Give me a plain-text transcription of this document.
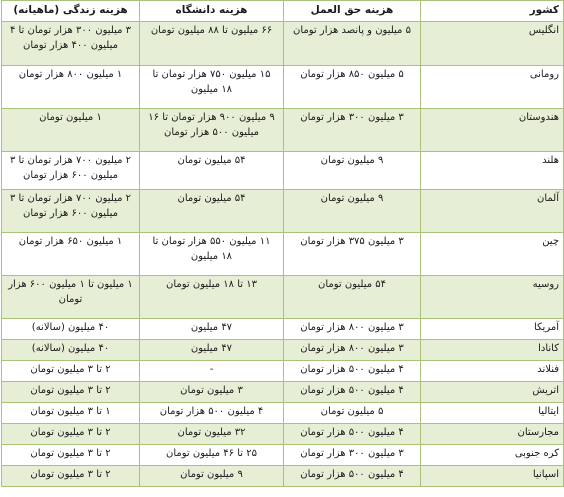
کشور	هزینه حق العمل	هزینه دانشگاه	هزینه زندگی (ماهیانه)
انگلیس	۵ میلیون و پانصد هزار تومان	۶۶ میلیون تا ۸۸ میلیون تومان	۳ میلیون ۳۰۰ هزار تومان تا ۴ میلیون ۴۰۰ هزار تومان
رومانی	۵ میلیون ۸۵۰ هزار تومان	۱۵ میلیون ۷۵۰ هزار تومان تا ۱۸ میلیون	۱ میلیون ۸۰۰ هزار تومان
هندوستان	۳ میلیون ۳۰۰ هزار تومان	۹ میلیون ۹۰۰ هزار تومان تا ۱۶ میلیون ۵۰۰ هزار تومان	۱ میلیون تومان
هلند	۹ میلیون تومان	۵۴ میلیون تومان	۲ میلیون ۷۰۰ هزار تومان تا ۳ میلیون ۶۰۰ هزار تومان
آلمان	۹ میلیون تومان	۵۴ میلیون تومان	۲ میلیون ۷۰۰ هزار تومان تا ۳ میلیون ۶۰۰ هزار تومان
چین	۳ میلیون ۳۷۵ هزار تومان	۱۱ میلیون ۵۵۰ هزار تومان تا ۱۸ میلیون	۱ میلیون ۶۵۰ هزار تومان
روسیه	۵۴ میلیون تومان	۱۳ تا ۱۸ میلیون تومان	۱ میلیون تا ۱ میلیون ۶۰۰ هزار تومان
آمریکا	۳ میلیون ۸۰۰ هزار تومان	۴۷ میلیون	۴۰ میلیون (سالانه)
کانادا	۳ میلیون ۸۰۰ هزار تومان	۴۷ میلیون	۴۰ میلیون (سالانه)
فنلاند	۴ میلیون ۵۰۰ هزار تومان	-	۲ تا ۳ میلیون تومان
اتریش	۴ میلیون ۵۰۰ هزار تومان	۳ میلیون تومان	۲ تا ۳ میلیون تومان
ایتالیا	۵ میلیون تومان	۴ میلیون ۵۰۰ هزار تومان	۱ تا ۳ میلیون تومان
مجارستان	۴ میلیون ۵۰۰ هزار تومان	۳۲ میلیون تومان	۲ تا ۳ میلیون تومان
کره جنوبی	۳ میلیون ۳۰۰ هزار تومان	۲۵ تا ۴۶ میلیون تومان	۲ تا ۳ میلیون تومان
اسپانیا	۴ میلیون ۵۰۰ هزار تومان	۹ میلیون تومان	۲ تا ۳ میلیون تومان
